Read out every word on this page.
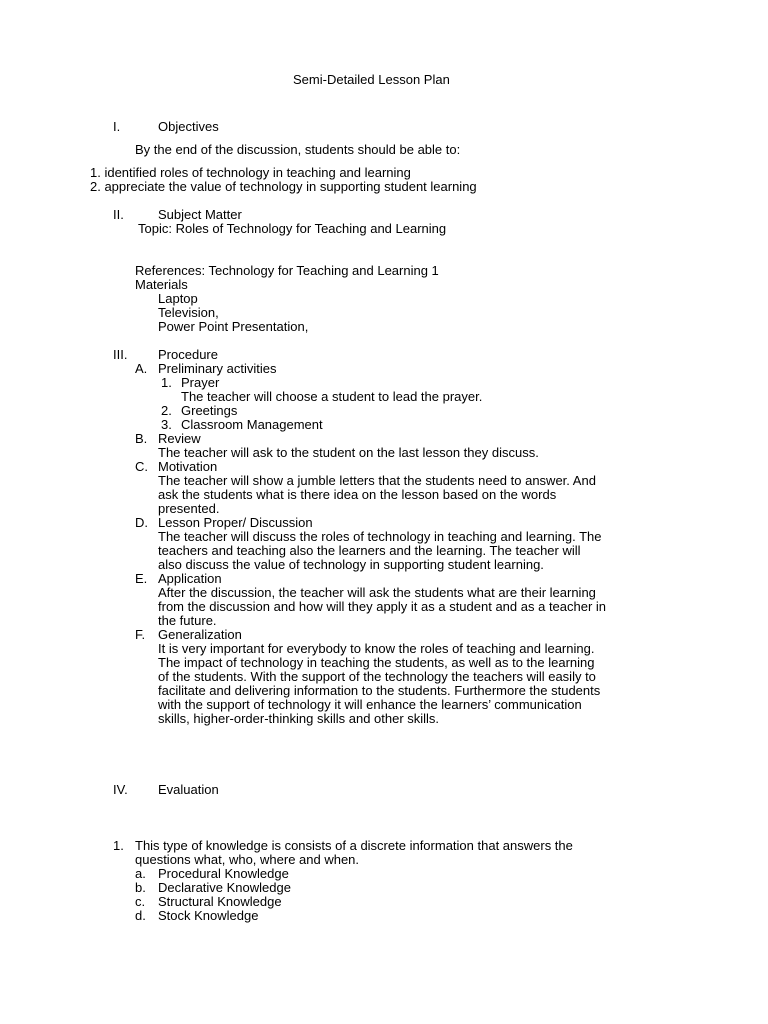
Semi-Detailed Lesson Plan
I.	Objectives
By the end of the discussion, students should be able to:
1. identified roles of technology in teaching and learning
2. appreciate the value of technology in supporting student learning
II.	Subject Matter
Topic: Roles of Technology for Teaching and Learning
References: Technology for Teaching and Learning 1
Materials
Laptop
Television,
Power Point Presentation,
III. Procedure
A. Preliminary activities
1. Prayer
The teacher will choose a student to lead the prayer.
2. Greetings
3. Classroom Management
B. Review
The teacher will ask to the student on the last lesson they discuss.
C. Motivation
The teacher will show a jumble letters that the students need to answer. And
ask the students what is there idea on the lesson based on the words
presented.
D. Lesson Proper/ Discussion
The teacher will discuss the roles of technology in teaching and learning. The
teachers and teaching also the learners and the learning. The teacher will
also discuss the value of technology in supporting student learning.
E. Application
After the discussion, the teacher will ask the students what are their learning
from the discussion and how will they apply it as a student and as a teacher in
the future.
F. Generalization
It is very important for everybody to know the roles of teaching and learning.
The impact of technology in teaching the students, as well as to the learning
of the students. With the support of the technology the teachers will easily to
facilitate and delivering information to the students. Furthermore the students
with the support of technology it will enhance the learners’ communication
skills, higher-order-thinking skills and other skills.
IV. Evaluation
1. This type of knowledge is consists of a discrete information that answers the
questions what, who, where and when.
a. Procedural Knowledge
b. Declarative Knowledge
c. Structural Knowledge
d. Stock Knowledge
